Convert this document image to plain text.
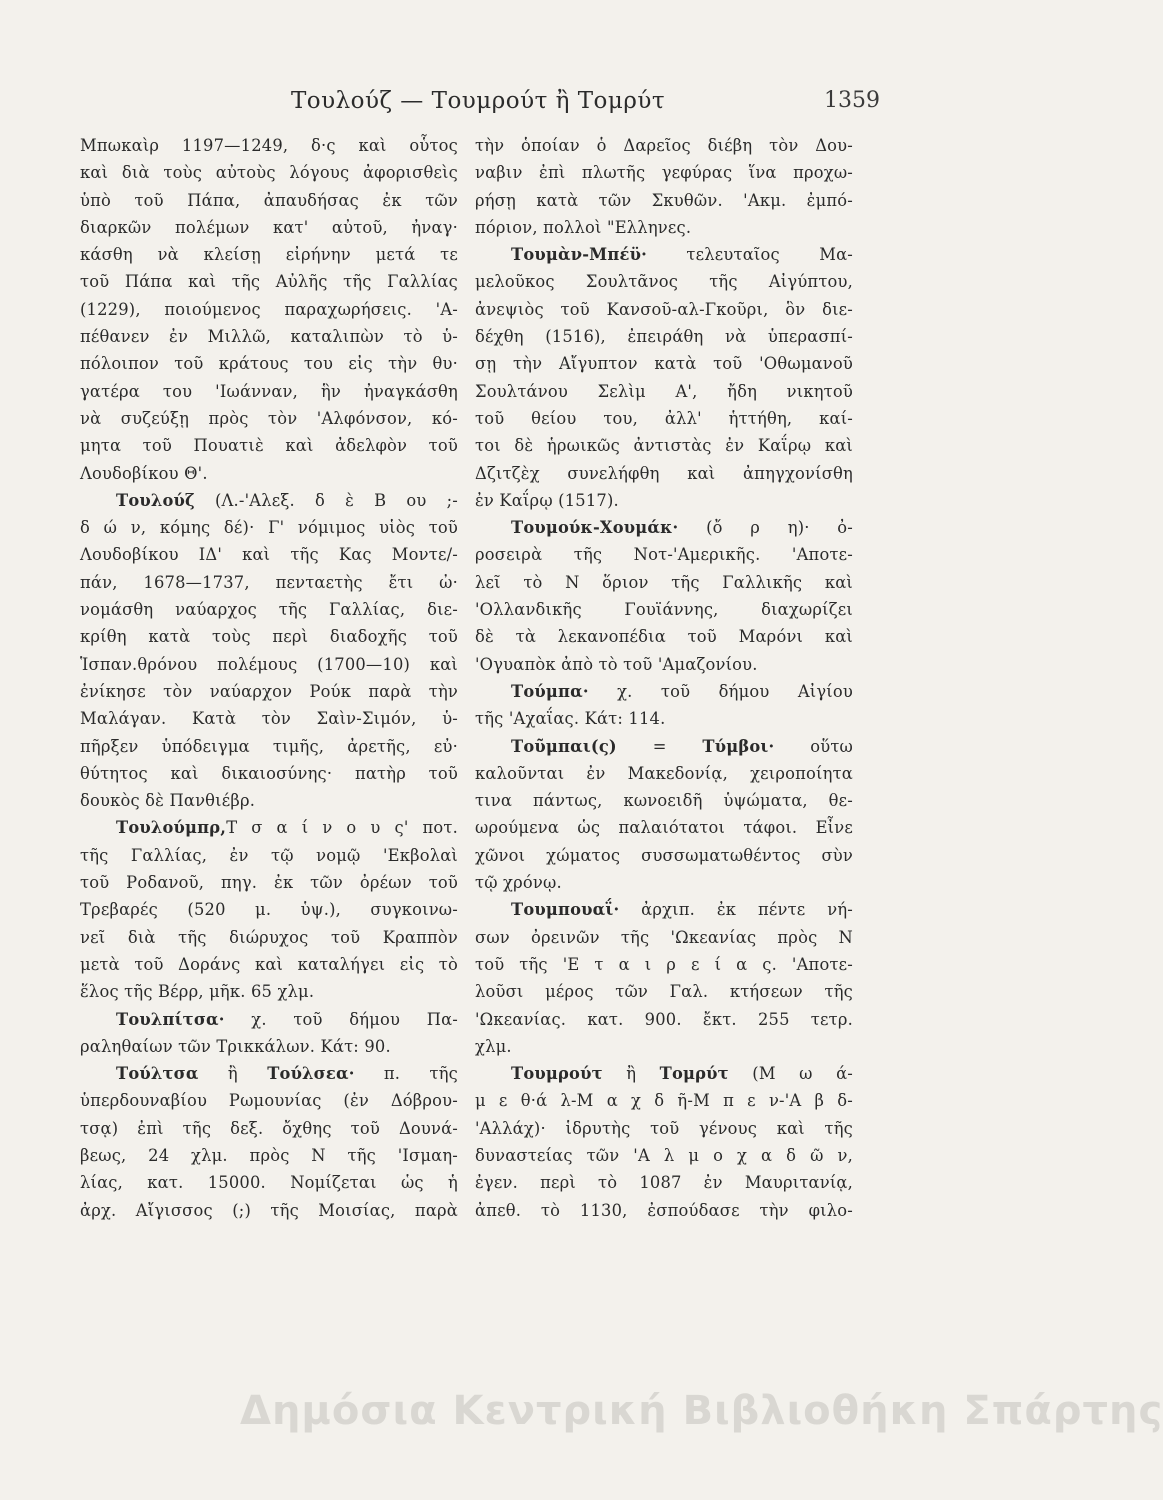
Τουλούζ — Τουμρούτ ἢ Τομρύτ	1359
Μπωκαὶρ 1197—1249, δ·ς καὶ οὗτος
καὶ διὰ τοὺς αὐτοὺς λόγους ἀφορισθεὶς
ὑπὸ τοῦ Πάπα, ἀπαυδήσας ἐκ τῶν
διαρκῶν πολέμων κατ' αὐτοῦ, ἠναγ·
κάσθη νὰ κλείσῃ εἰρήνην μετά τε
τοῦ Πάπα καὶ τῆς Αὐλῆς τῆς Γαλλίας
(1229), ποιούμενος παραχωρήσεις. 'Α-
πέθανεν ἐν Μιλλῶ, καταλιπὼν τὸ ὑ-
πόλοιπον τοῦ κράτους του εἰς τὴν θυ·
γατέρα του 'Ιωάνναν, ἣν ἠναγκάσθη
νὰ συζεύξῃ πρὸς τὸν 'Αλφόνσον, κό-
μητα τοῦ Πουατιὲ καὶ ἀδελφὸν τοῦ
Λουδοβίκου Θ'.
Τουλούζ (Λ.-'Αλεξ. δ ὲ Β ου ;-
δ ώ ν, κόμης δέ)· Γ' νόμιμος υἱὸς τοῦ
Λουδοβίκου ΙΔ' καὶ τῆς Κας Μοντε/-
πάν, 1678—1737, πενταετὴς ἔτι ὠ·
νομάσθη ναύαρχος τῆς Γαλλίας, διε-
κρίθη κατὰ τοὺς περὶ διαδοχῆς τοῦ
Ἱσπαν.θρόνου πολέμους (1700—10) καὶ
ἐνίκησε τὸν ναύαρχον Ρούκ παρὰ τὴν
Μαλάγαν. Κατὰ τὸν Σαὶν-Σιμόν, ὑ-
πῆρξεν ὑπόδειγμα τιμῆς, ἀρετῆς, εὐ·
θύτητος καὶ δικαιοσύνης· πατὴρ τοῦ
δουκὸς δὲ Πανθιέβρ.
Τουλούμπρ,Τ σ α ί ν ο υ ς' ποτ.
τῆς Γαλλίας, ἐν τῷ νομῷ 'Εκβολαὶ
τοῦ Ροδανοῦ, πηγ. ἐκ τῶν ὀρέων τοῦ
Τρεβαρές (520 μ. ὑψ.), συγκοινω-
νεῖ διὰ τῆς διώρυχος τοῦ Κραππὸν
μετὰ τοῦ Δοράνς καὶ καταλήγει εἰς τὸ
ἕλος τῆς Βέρρ, μῆκ. 65 χλμ.
Τουλπίτσα· χ. τοῦ δήμου Πα-
ραληθαίων τῶν Τρικκάλων. Κάτ: 90.
Τούλτσα ἢ Τούλσεα· π. τῆς
ὑπερδουναβίου Ρωμουνίας (ἐν Δόβρου-
τσᾳ) ἐπὶ τῆς δεξ. ὄχθης τοῦ Δουνά-
βεως, 24 χλμ. πρὸς Ν τῆς 'Ισμαη-
λίας, κατ. 15000. Νομίζεται ὡς ἡ
ἀρχ. Αἴγισσος (;) τῆς Μοισίας, παρὰ
τὴν ὁποίαν ὁ Δαρεῖος διέβη τὸν Δου-
ναβιν ἐπὶ πλωτῆς γεφύρας ἵνα προχω-
ρήσῃ κατὰ τῶν Σκυθῶν. 'Ακμ. ἐμπό-
πόριον, πολλοὶ "Ελληνες.
Τουμὰν-Μπέϋ· τελευταῖος Μα-
μελοῦκος Σουλτᾶνος τῆς Αἰγύπτου,
ἀνεψιὸς τοῦ Κανσοῦ-αλ-Γκοῦρι, ὃν διε-
δέχθη (1516), ἐπειράθη νὰ ὑπερασπί-
σῃ τὴν Αἴγυπτον κατὰ τοῦ 'Οθωμανοῦ
Σουλτάνου Σελὶμ Α', ἤδη νικητοῦ
τοῦ θείου του, ἀλλ' ἡττήθη, καί-
τοι δὲ ἡρωικῶς ἀντιστὰς ἐν Καΐρῳ καὶ
Δζιτζὲχ συνελήφθη καὶ ἀπηγχονίσθη
ἐν Καΐρῳ (1517).
Τουμούκ-Χουμάκ· (ὄ ρ η)· ὀ-
ροσειρὰ τῆς Νοτ-'Αμερικῆς. 'Αποτε-
λεῖ τὸ Ν ὅριον τῆς Γαλλικῆς καὶ
'Ολλανδικῆς Γουϊάννης, διαχωρίζει
δὲ τὰ λεκανοπέδια τοῦ Μαρόνι καὶ
'Ογυαπὸκ ἀπὸ τὸ τοῦ 'Αμαζονίου.
Τούμπα· χ. τοῦ δήμου Αἰγίου
τῆς 'Αχαΐας. Κάτ: 114.
Τοῦμπαι(ς) = Τύμβοι· οὕτω
καλοῦνται ἐν Μακεδονίᾳ, χειροποίητα
τινα πάντως, κωνοειδῆ ὑψώματα, θε-
ωρούμενα ὡς παλαιότατοι τάφοι. Εἶνε
χῶνοι χώματος συσσωματωθέντος σὺν
τῷ χρόνῳ.
Τουμπουαΐ· ἀρχιπ. ἐκ πέντε νή-
σων ὀρεινῶν τῆς 'Ωκεανίας πρὸς Ν
τοῦ τῆς 'Ε τ α ι ρ ε ί α ς. 'Αποτε-
λοῦσι μέρος τῶν Γαλ. κτήσεων τῆς
'Ωκεανίας. κατ. 900. ἔκτ. 255 τετρ.
χλμ.
Τουμρούτ ἢ Τομρύτ (Μ ω ά-
μ ε θ·ά λ-Μ α χ δ ῆ-Μ π ε ν-'Α β δ-
'Αλλάχ)· ἱδρυτὴς τοῦ γένους καὶ τῆς
δυναστείας τῶν 'Α λ μ ο χ α δ ῶ ν,
ἐγεν. περὶ τὸ 1087 ἐν Μαυριτανίᾳ,
ἀπεθ. τὸ 1130, ἐσπούδασε τὴν φιλο-
Δημόσια Κεντρική Βιβλιοθήκη Σπάρτης
